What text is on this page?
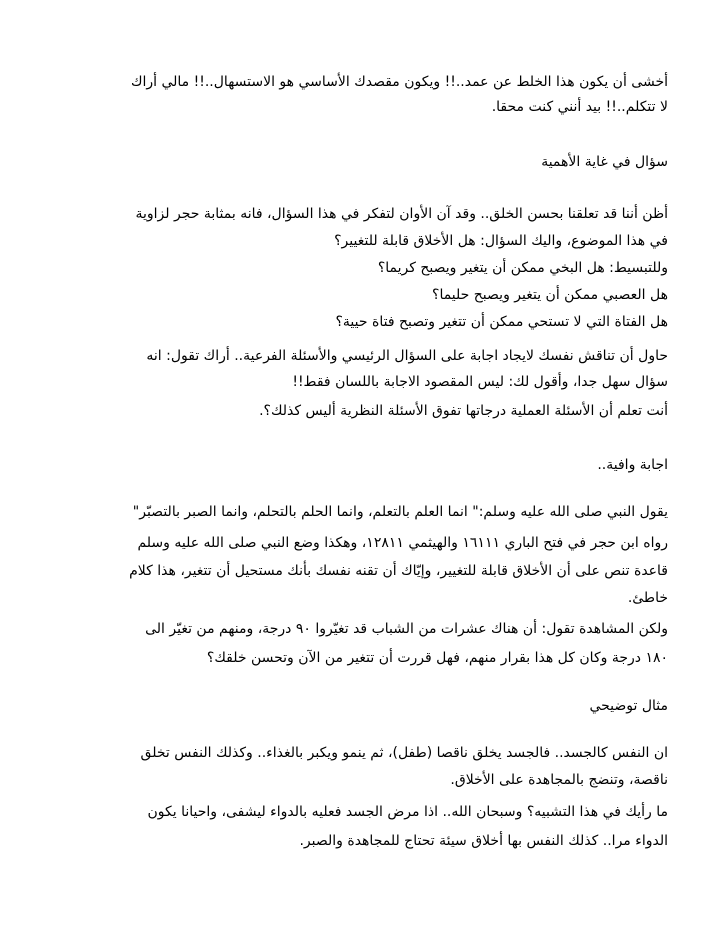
أخشى أن يكون هذا الخلط عن عمد..!! ويكون مقصدك الأساسي هو الاستسهال..!! مالي أراك

لا تتكلم..!! بيد أنني كنت محقا.

سؤال في غاية الأهمية

أظن أننا قد تعلقنا بحسن الخلق.. وقد آن الأوان لتفكر في هذا السؤال، فانه بمثابة حجر لزاوية

في هذا الموضوع، واليك السؤال: هل الأخلاق قابلة للتغيير؟

وللتبسيط: هل البخي ممكن أن يتغير ويصبح كريما؟

هل العصبي ممكن أن يتغير ويصبح حليما؟

هل الفتاة التي لا تستحي ممكن أن تتغير وتصبح فتاة حيية؟

حاول أن تناقش نفسك لايجاد اجابة على السؤال الرئيسي والأسئلة الفرعية.. أراك تقول: انه

سؤال سهل جدا، وأقول لك: ليس المقصود الاجابة باللسان فقط!!

أنت تعلم أن الأسئلة العملية درجاتها تفوق الأسئلة النظرية أليس كذلك؟.

اجابة وافية..

يقول النبي صلى الله عليه وسلم:" انما العلم بالتعلم، وانما الحلم بالتحلم، وانما الصبر بالتصبّر"

رواه ابن حجر في فتح الباري ١٦١١١ والهيثمي ١٢٨١١، وهكذا وضع النبي صلى الله عليه وسلم

قاعدة تنص على أن الأخلاق قابلة للتغيير، وإيّاك أن تقنه نفسك بأنك مستحيل أن تتغير، هذا كلام

خاطئ.

ولكن المشاهدة تقول: أن هناك عشرات من الشباب قد تغيّروا ٩٠ درجة، ومنهم من تغيّر الى

١٨٠ درجة وكان كل هذا بقرار منهم، فهل قررت أن تتغير من الآن وتحسن خلقك؟

مثال توضيحي

ان النفس كالجسد.. فالجسد يخلق ناقصا (طفل)، ثم ينمو ويكبر بالغذاء.. وكذلك النفس تخلق

ناقصة، وتنضج بالمجاهدة على الأخلاق.

ما رأيك في هذا التشبيه؟ وسبحان الله.. اذا مرض الجسد فعليه بالدواء ليشفى، واحيانا يكون

الدواء مرا.. كذلك النفس بها أخلاق سيئة تحتاج للمجاهدة والصبر.
